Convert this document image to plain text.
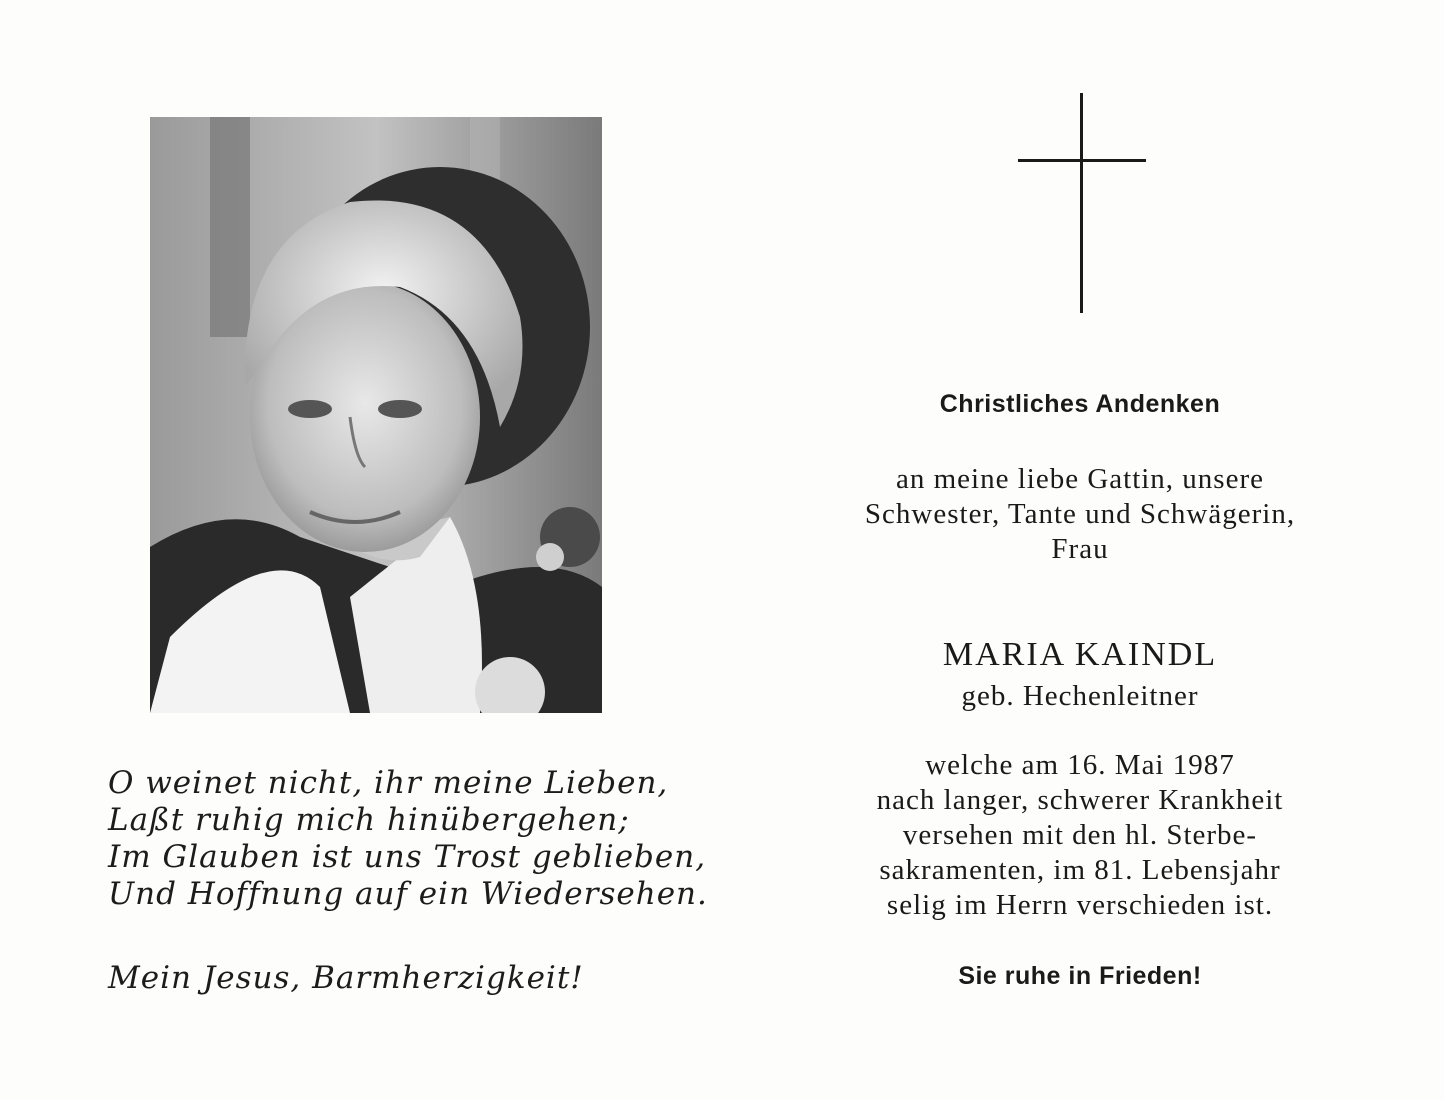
O weinet nicht, ihr meine Lieben,
Laßt ruhig mich hinübergehen;
Im Glauben ist uns Trost geblieben,
Und Hoffnung auf ein Wiedersehen.
Mein Jesus, Barmherzigkeit!
Christliches Andenken
an meine liebe Gattin, unsere
Schwester, Tante und Schwägerin,
Frau
MARIA KAINDL
geb. Hechenleitner
welche am 16. Mai 1987
nach langer, schwerer Krankheit
versehen mit den hl. Sterbe-
sakramenten, im 81. Lebensjahr
selig im Herrn verschieden ist.
Sie ruhe in Frieden!
